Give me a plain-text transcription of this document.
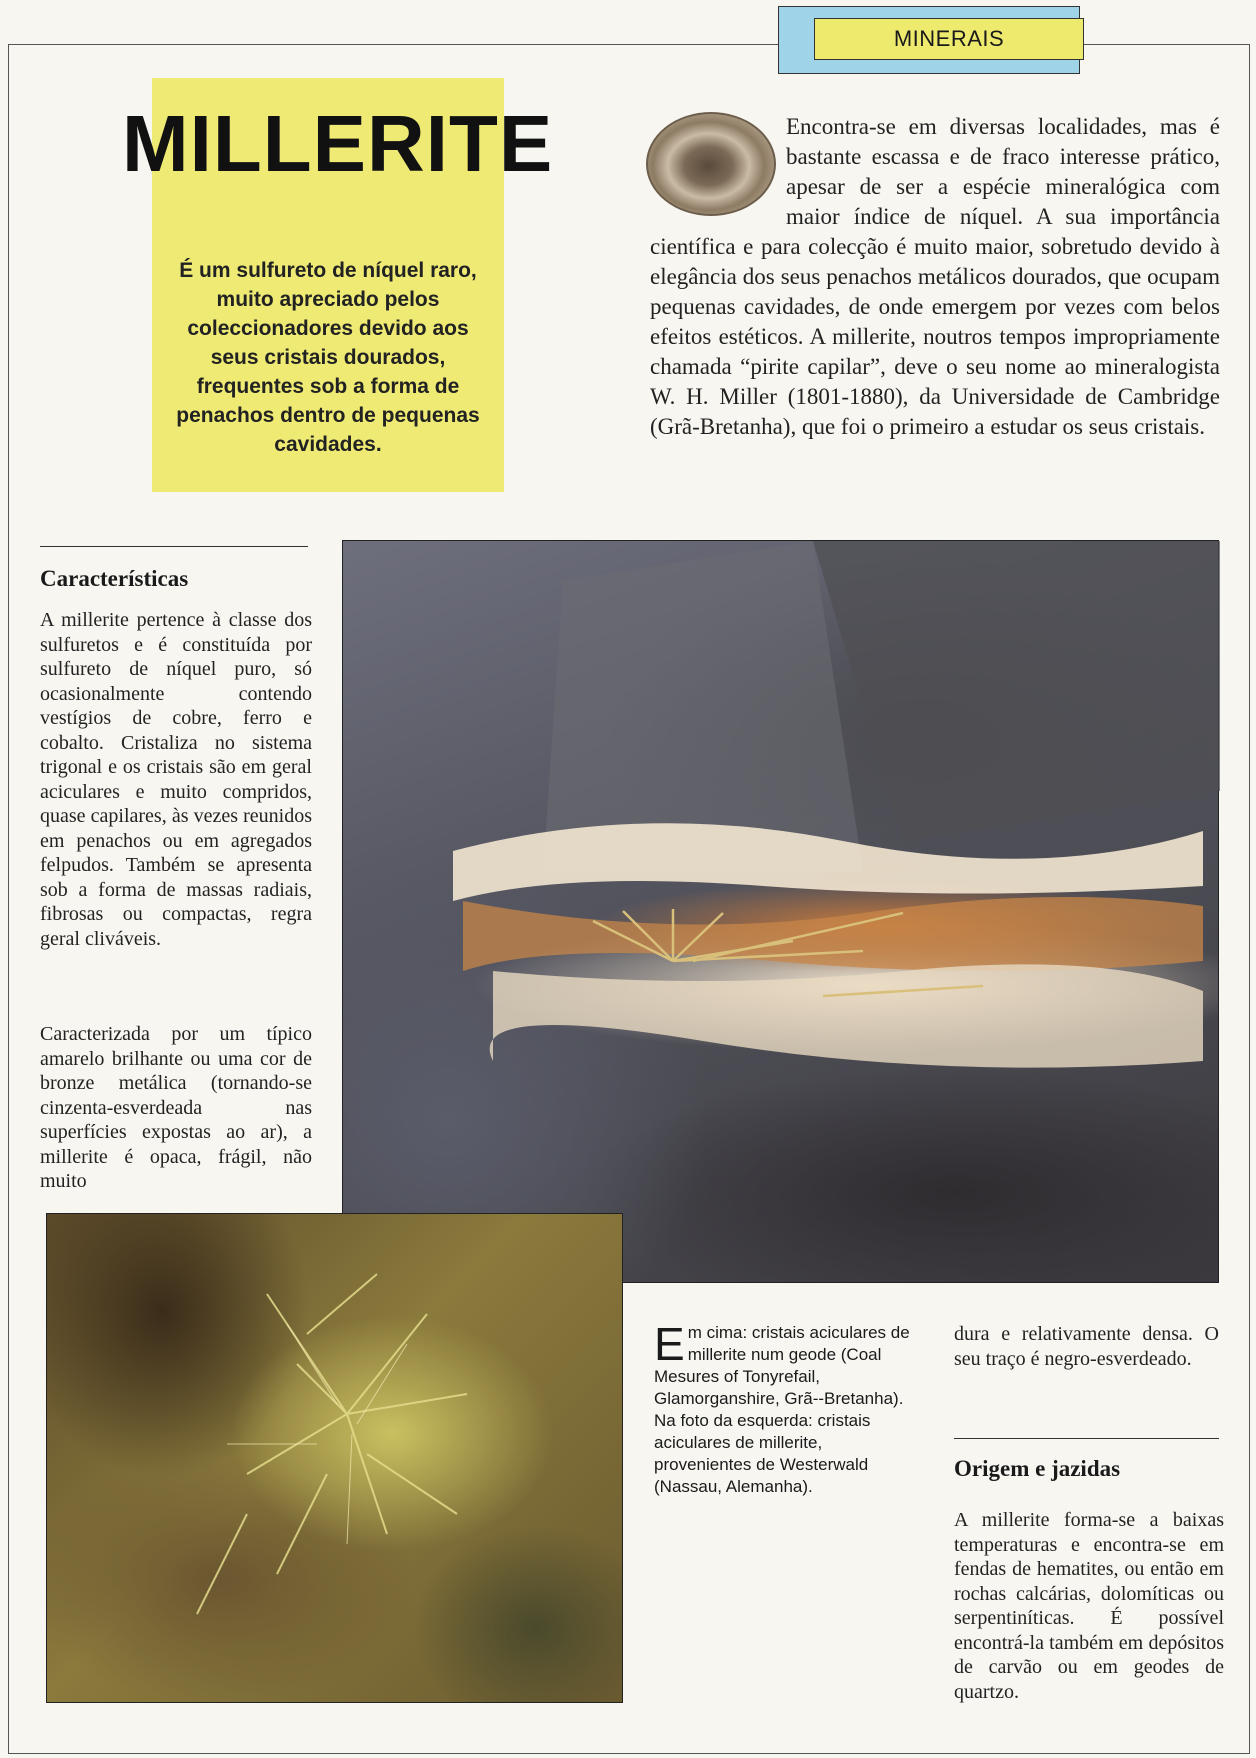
MINERAIS
MILLERITE

É um sulfureto de níquel raro, muito apreciado pelos coleccionadores devido aos seus cristais dourados, frequentes sob a forma de penachos dentro de pequenas cavidades.

Encontra-se em diversas localidades, mas é bastante escassa e de fraco interesse prático, apesar de ser a espécie mineralógica com maior índice de níquel. A sua importância científica e para colecção é muito maior, sobretudo devido à elegância dos seus penachos metálicos dourados, que ocupam pequenas cavidades, de onde emergem por vezes com belos efeitos estéticos. A millerite, noutros tempos impropriamente chamada “pirite capilar”, deve o seu nome ao mineralogista W. H. Miller (1801-1880), da Universidade de Cambridge (Grã-Bretanha), que foi o primeiro a estudar os seus cristais.

Características

A millerite pertence à classe dos sulfuretos e é constituída por sulfureto de níquel puro, só ocasionalmente contendo vestígios de cobre, ferro e cobalto. Cristaliza no sistema trigonal e os cristais são em geral aciculares e muito compridos, quase capilares, às vezes reunidos em penachos ou em agregados felpudos. Também se apresenta sob a forma de massas radiais, fibrosas ou compactas, regra geral cliváveis.

Caracterizada por um típico amarelo brilhante ou uma cor de bronze metálica (tornando-se cinzenta-esverdeada nas superfícies expostas ao ar), a millerite é opaca, frágil, não muito

Em cima: cristais aciculares de millerite num geode (Coal Mesures of Tonyrefail, Glamorganshire, Grã--Bretanha). Na foto da esquerda: cristais aciculares de millerite, provenientes de Westerwald (Nassau, Alemanha).

dura e relativamente densa. O seu traço é negro-esverdeado.

Origem e jazidas

A millerite forma-se a baixas temperaturas e encontra-se em fendas de hematites, ou então em rochas calcárias, dolomíticas ou serpentiníticas. É possível encontrá-la também em depósitos de carvão ou em geodes de quartzo.
